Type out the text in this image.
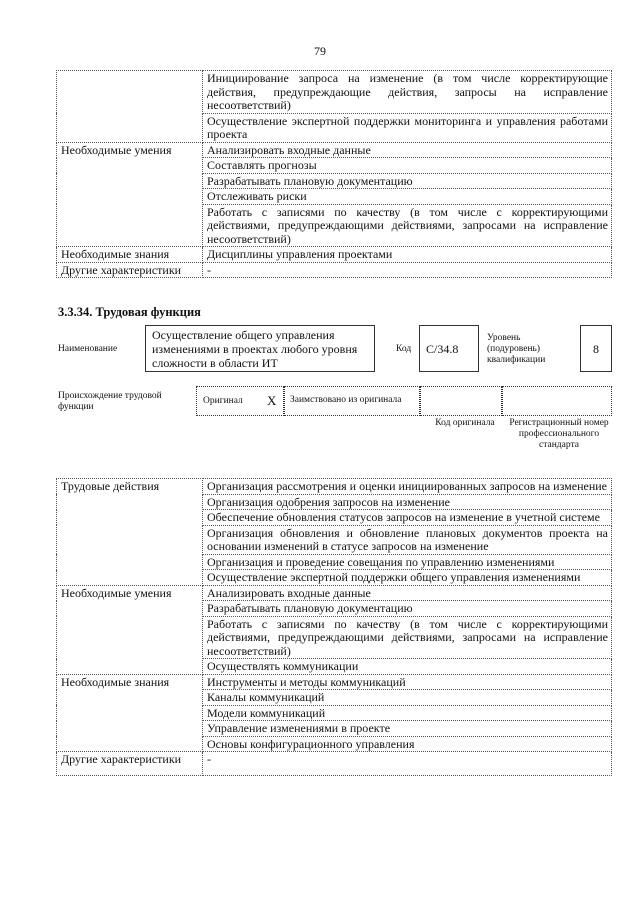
79
	Инициирование запроса на изменение (в том числе корректирующие действия, предупреждающие действия, запросы на исправление несоответствий)
	Осуществление экспертной поддержки мониторинга и управления работами проекта
Необходимые умения	Анализировать входные данные
	Составлять прогнозы
	Разрабатывать плановую документацию
	Отслеживать риски
	Работать с записями по качеству (в том числе с корректирующими действиями, предупреждающими действиями, запросами на исправление несоответствий)
Необходимые знания	Дисциплины управления проектами
Другие характеристики	-
3.3.34. Трудовая функция
Наименование
Осуществление общего управления изменениями в проектах любого уровня сложности в области ИТ
Код	C/34.8
Уровень (подуровень) квалификации
8
Происхождение трудовой функции
Оригинал X	Заимствовано из оригинала
Код оригинала	Регистрационный номер профессионального стандарта
Трудовые действия	Организация рассмотрения и оценки инициированных запросов на изменение
	Организация одобрения запросов на изменение
	Обеспечение обновления статусов запросов на изменение в учетной системе
	Организация обновления и обновление плановых документов проекта на основании изменений в статусе запросов на изменение
	Организация и проведение совещания по управлению изменениями
	Осуществление экспертной поддержки общего управления изменениями
Необходимые умения	Анализировать входные данные
	Разрабатывать плановую документацию
	Работать с записями по качеству (в том числе с корректирующими действиями, предупреждающими действиями, запросами на исправление несоответствий)
	Осуществлять коммуникации
Необходимые знания	Инструменты и методы коммуникаций
	Каналы коммуникаций
	Модели коммуникаций
	Управление изменениями в проекте
	Основы конфигурационного управления
Другие характеристики	-
